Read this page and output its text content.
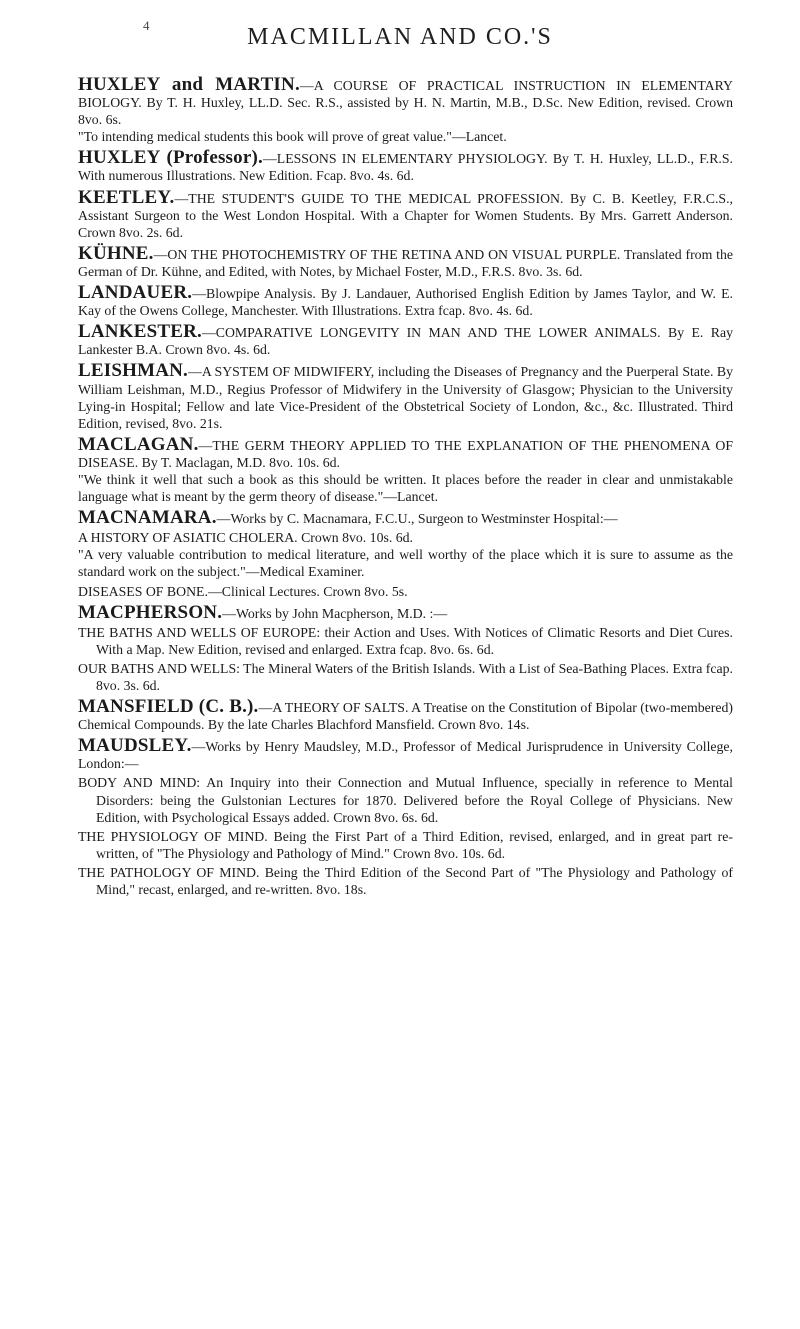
4	MACMILLAN AND CO.'S
HUXLEY and MARTIN.—A COURSE OF PRACTICAL INSTRUCTION IN ELEMENTARY BIOLOGY. By T. H. Huxley, LL.D. Sec. R.S., assisted by H. N. Martin, M.B., D.Sc. New Edition, revised. Crown 8vo. 6s.
"To intending medical students this book will prove of great value."—Lancet.
HUXLEY (Professor).—LESSONS IN ELEMENTARY PHYSIOLOGY. By T. H. Huxley, LL.D., F.R.S. With numerous Illustrations. New Edition. Fcap. 8vo. 4s. 6d.
KEETLEY.—THE STUDENT'S GUIDE TO THE MEDICAL PROFESSION. By C. B. Keetley, F.R.C.S., Assistant Surgeon to the West London Hospital. With a Chapter for Women Students. By Mrs. Garrett Anderson. Crown 8vo. 2s. 6d.
KÜHNE.—ON THE PHOTOCHEMISTRY OF THE RETINA AND ON VISUAL PURPLE. Translated from the German of Dr. Kühne, and Edited, with Notes, by Michael Foster, M.D., F.R.S. 8vo. 3s. 6d.
LANDAUER.—Blowpipe Analysis. By J. Landauer, Authorised English Edition by James Taylor, and W. E. Kay of the Owens College, Manchester. With Illustrations. Extra fcap. 8vo. 4s. 6d.
LANKESTER.—COMPARATIVE LONGEVITY IN MAN AND THE LOWER ANIMALS. By E. Ray Lankester B.A. Crown 8vo. 4s. 6d.
LEISHMAN.—A SYSTEM OF MIDWIFERY, including the Diseases of Pregnancy and the Puerperal State. By William Leishman, M.D., Regius Professor of Midwifery in the University of Glasgow; Physician to the University Lying-in Hospital; Fellow and late Vice-President of the Obstetrical Society of London, &c., &c. Illustrated. Third Edition, revised, 8vo. 21s.
MACLAGAN.—THE GERM THEORY APPLIED TO THE EXPLANATION OF THE PHENOMENA OF DISEASE. By T. Maclagan, M.D. 8vo. 10s. 6d.
"We think it well that such a book as this should be written. It places before the reader in clear and unmistakable language what is meant by the germ theory of disease."—Lancet.
MACNAMARA.—Works by C. Macnamara, F.C.U., Surgeon to Westminster Hospital:—
A HISTORY OF ASIATIC CHOLERA. Crown 8vo. 10s. 6d.
"A very valuable contribution to medical literature, and well worthy of the place which it is sure to assume as the standard work on the subject."—Medical Examiner.
DISEASES OF BONE.—Clinical Lectures. Crown 8vo. 5s.
MACPHERSON.—Works by John Macpherson, M.D. :—
THE BATHS AND WELLS OF EUROPE: their Action and Uses. With Notices of Climatic Resorts and Diet Cures. With a Map. New Edition, revised and enlarged. Extra fcap. 8vo. 6s. 6d.
OUR BATHS AND WELLS: The Mineral Waters of the British Islands. With a List of Sea-Bathing Places. Extra fcap. 8vo. 3s. 6d.
MANSFIELD (C. B.).—A THEORY OF SALTS. A Treatise on the Constitution of Bipolar (two-membered) Chemical Compounds. By the late Charles Blachford Mansfield. Crown 8vo. 14s.
MAUDSLEY.—Works by Henry Maudsley, M.D., Professor of Medical Jurisprudence in University College, London:—
BODY AND MIND: An Inquiry into their Connection and Mutual Influence, specially in reference to Mental Disorders: being the Gulstonian Lectures for 1870. Delivered before the Royal College of Physicians. New Edition, with Psychological Essays added. Crown 8vo. 6s. 6d.
THE PHYSIOLOGY OF MIND. Being the First Part of a Third Edition, revised, enlarged, and in great part re-written, of "The Physiology and Pathology of Mind." Crown 8vo. 10s. 6d.
THE PATHOLOGY OF MIND. Being the Third Edition of the Second Part of "The Physiology and Pathology of Mind," recast, enlarged, and re-written. 8vo. 18s.
